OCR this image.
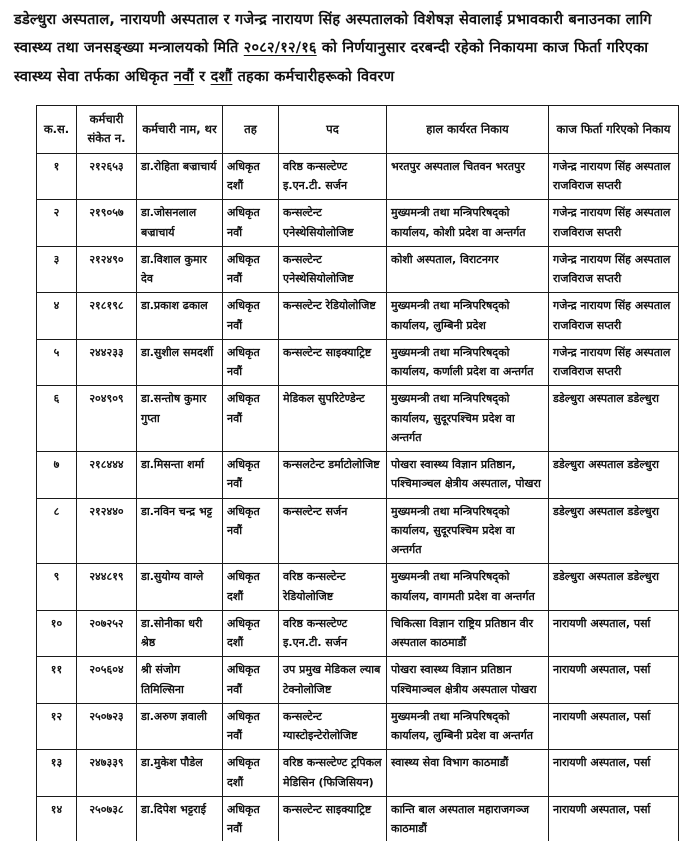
डडेल्धुरा अस्पताल, नारायणी अस्पताल र गजेन्द्र नारायण सिंह अस्पतालको विशेषज्ञ सेवालाई प्रभावकारी बनाउनका लागि स्वास्थ्य तथा जनसङ्ख्या मन्त्रालयको मिति २०८२/१२/१६ को निर्णयानुसार दरबन्दी रहेको निकायमा काज फिर्ता गरिएका स्वास्थ्य सेवा तर्फका अधिकृत नवौं र दशौं तहका कर्मचारीहरूको विवरण

क.स.	कर्मचारी संकेत न.	कर्मचारी नाम, थर	तह	पद	हाल कार्यरत निकाय	काज फिर्ता गरिएको निकाय
१	२१२६५३	डा.रोहिता बज्राचार्य	अधिकृत दशौं	वरिष्ठ कन्सल्टेण्ट इ.एन.टी. सर्जन	भरतपुर अस्पताल चितवन भरतपुर	गजेन्द्र नारायण सिंह अस्पताल राजविराज सप्तरी
२	२१९०५७	डा.जोसनलाल बज्राचार्य	अधिकृत नवौं	कन्सल्टेन्ट एनेस्थेसियोलोजिष्ट	मुख्यमन्त्री तथा मन्त्रिपरिषद्को कार्यालय, कोशी प्रदेश वा अन्तर्गत	गजेन्द्र नारायण सिंह अस्पताल राजविराज सप्तरी
३	२१२४९०	डा.विशाल कुमार देव	अधिकृत नवौं	कन्सल्टेन्ट एनेस्थेसियोलोजिष्ट	कोशी अस्पताल, विराटनगर	गजेन्द्र नारायण सिंह अस्पताल राजविराज सप्तरी
४	२१८१९८	डा.प्रकाश ढकाल	अधिकृत नवौं	कन्सल्टेन्ट रेडियोलोजिष्ट	मुख्यमन्त्री तथा मन्त्रिपरिषद्को कार्यालय, लुम्बिनी प्रदेश	गजेन्द्र नारायण सिंह अस्पताल राजविराज सप्तरी
५	२४४२३३	डा.सुशील समदर्शी	अधिकृत नवौं	कन्सल्टेन्ट साइक्याट्रिष्ट	मुख्यमन्त्री तथा मन्त्रिपरिषद्को कार्यालय, कर्णाली प्रदेश वा अन्तर्गत	गजेन्द्र नारायण सिंह अस्पताल राजविराज सप्तरी
६	२०४९०९	डा.सन्तोष कुमार गुप्ता	अधिकृत नवौं	मेडिकल सुपरिटेण्डेन्ट	मुख्यमन्त्री तथा मन्त्रिपरिषद्को कार्यालय, सुदूरपश्चिम प्रदेश वा अन्तर्गत	डडेल्धुरा अस्पताल डडेल्धुरा
७	२१८४४४	डा.मिसन्ता शर्मा	अधिकृत नवौं	कन्सलटेन्ट डर्माटोलोजिष्ट	पोखरा स्वास्थ्य विज्ञान प्रतिष्ठान, पश्चिमाञ्चल क्षेत्रीय अस्पताल, पोखरा	डडेल्धुरा अस्पताल डडेल्धुरा
८	२१२४४०	डा.नविन चन्द्र भट्ट	अधिकृत नवौं	कन्सल्टेन्ट सर्जन	मुख्यमन्त्री तथा मन्त्रिपरिषद्को कार्यालय, सुदूरपश्चिम प्रदेश वा अन्तर्गत	डडेल्धुरा अस्पताल डडेल्धुरा
९	२४४८१९	डा.सुयोग्य वाग्ले	अधिकृत दशौं	वरिष्ठ कन्सल्टेन्ट रेडियोलोजिष्ट	मुख्यमन्त्री तथा मन्त्रिपरिषद्को कार्यालय, वागमती प्रदेश वा अन्तर्गत	डडेल्धुरा अस्पताल डडेल्धुरा
१०	२०७२५२	डा.सोनीका धरी श्रेष्ठ	अधिकृत दशौं	वरिष्ठ कन्सल्टेण्ट इ.एन.टी. सर्जन	चिकित्सा विज्ञान राष्ट्रिय प्रतिष्ठान वीर अस्पताल काठमाडौं	नारायणी अस्पताल, पर्सा
११	२०५६०४	श्री संजोग तिमिल्सिना	अधिकृत नवौं	उप प्रमुख मेडिकल ल्याब टेक्नोलोजिष्ट	पोखरा स्वास्थ्य विज्ञान प्रतिष्ठान पश्चिमाञ्चल क्षेत्रीय अस्पताल पोखरा	नारायणी अस्पताल, पर्सा
१२	२५०७२३	डा.अरुण ज्ञवाली	अधिकृत नवौं	कन्सल्टेन्ट ग्यास्टोइन्टेरोलोजिष्ट	मुख्यमन्त्री तथा मन्त्रिपरिषद्को कार्यालय, लुम्बिनी प्रदेश वा अन्तर्गत	नारायणी अस्पताल, पर्सा
१३	२४७३३९	डा.मुकेश पौडेल	अधिकृत दशौं	वरिष्ठ कन्सल्टेण्ट ट्रपिकल मेडिसिन (फिजिसियन)	स्वास्थ्य सेवा विभाग काठमाडौं	नारायणी अस्पताल, पर्सा
१४	२५०७३८	डा.दिपेश भट्टराई	अधिकृत नवौं	कन्सल्टेन्ट साइक्याट्रिष्ट	कान्ति बाल अस्पताल महाराजगञ्ज काठमाडौं	नारायणी अस्पताल, पर्सा
